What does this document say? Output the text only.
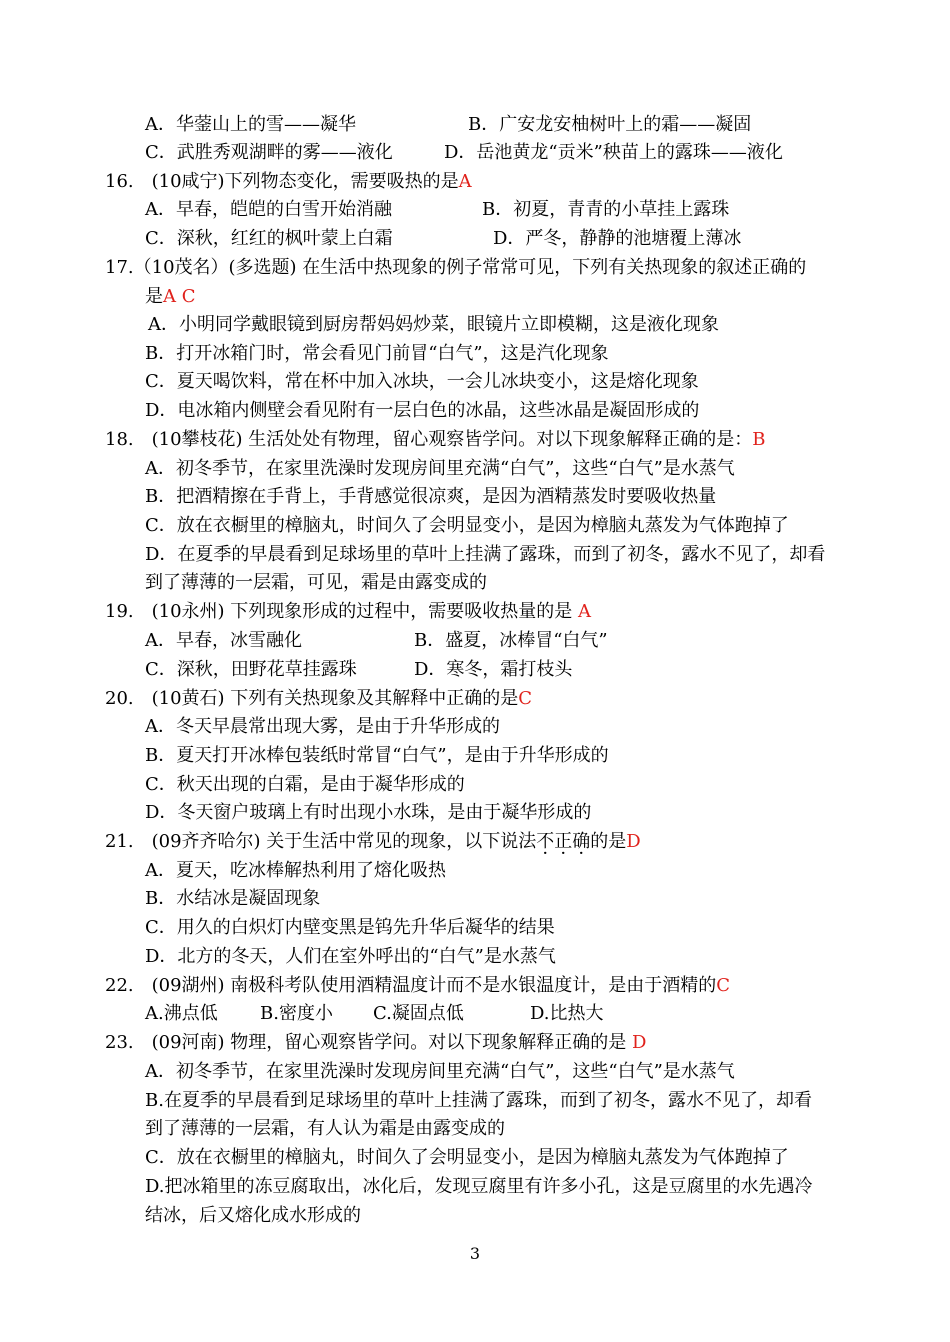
A．华蓥山上的雪——凝华	B．广安龙安柚树叶上的霜——凝固
C．武胜秀观湖畔的雾——液化	D．岳池黄龙“贡米”秧苗上的露珠——液化
16.　(10咸宁)下列物态变化，需要吸热的是A
A．早春，皑皑的白雪开始消融	B．初夏，青青的小草挂上露珠
C．深秋，红红的枫叶蒙上白霜	D．严冬，静静的池塘覆上薄冰
17.（10茂名）(多选题) 在生活中热现象的例子常常可见，下列有关热现象的叙述正确的
是A C
A．小明同学戴眼镜到厨房帮妈妈炒菜，眼镜片立即模糊，这是液化现象
B．打开冰箱门时，常会看见门前冒“白气”，这是汽化现象
C．夏天喝饮料，常在杯中加入冰块，一会儿冰块变小，这是熔化现象
D．电冰箱内侧壁会看见附有一层白色的冰晶，这些冰晶是凝固形成的
18.　(10攀枝花) 生活处处有物理，留心观察皆学问。对以下现象解释正确的是：B
A．初冬季节，在家里洗澡时发现房间里充满“白气”，这些“白气”是水蒸气
B．把酒精擦在手背上，手背感觉很凉爽，是因为酒精蒸发时要吸收热量
C．放在衣橱里的樟脑丸，时间久了会明显变小，是因为樟脑丸蒸发为气体跑掉了
D．在夏季的早晨看到足球场里的草叶上挂满了露珠，而到了初冬，露水不见了，却看
到了薄薄的一层霜，可见，霜是由露变成的
19.　(10永州) 下列现象形成的过程中，需要吸收热量的是 A
A．早春，冰雪融化	B．盛夏，冰棒冒“白气”
C．深秋，田野花草挂露珠	D．寒冬，霜打枝头
20.　(10黄石) 下列有关热现象及其解释中正确的是C
A．冬天早晨常出现大雾，是由于升华形成的
B．夏天打开冰棒包装纸时常冒“白气”，是由于升华形成的
C．秋天出现的白霜，是由于凝华形成的
D．冬天窗户玻璃上有时出现小水珠，是由于凝华形成的
21.　(09齐齐哈尔) 关于生活中常见的现象，以下说法不正确的是D
A．夏天，吃冰棒解热利用了熔化吸热
B．水结冰是凝固现象
C．用久的白炽灯内壁变黑是钨先升华后凝华的结果
D．北方的冬天，人们在室外呼出的“白气”是水蒸气
22.　(09湖州) 南极科考队使用酒精温度计而不是水银温度计，是由于酒精的C
A.沸点低 B.密度小 C.凝固点低	D.比热大
23.　(09河南) 物理，留心观察皆学问。对以下现象解释正确的是 D
A．初冬季节，在家里洗澡时发现房间里充满“白气”，这些“白气”是水蒸气
B.在夏季的早晨看到足球场里的草叶上挂满了露珠，而到了初冬，露水不见了，却看
到了薄薄的一层霜，有人认为霜是由露变成的
C．放在衣橱里的樟脑丸，时间久了会明显变小，是因为樟脑丸蒸发为气体跑掉了
D.把冰箱里的冻豆腐取出，冰化后，发现豆腐里有许多小孔，这是豆腐里的水先遇冷
结冰，后又熔化成水形成的
3
